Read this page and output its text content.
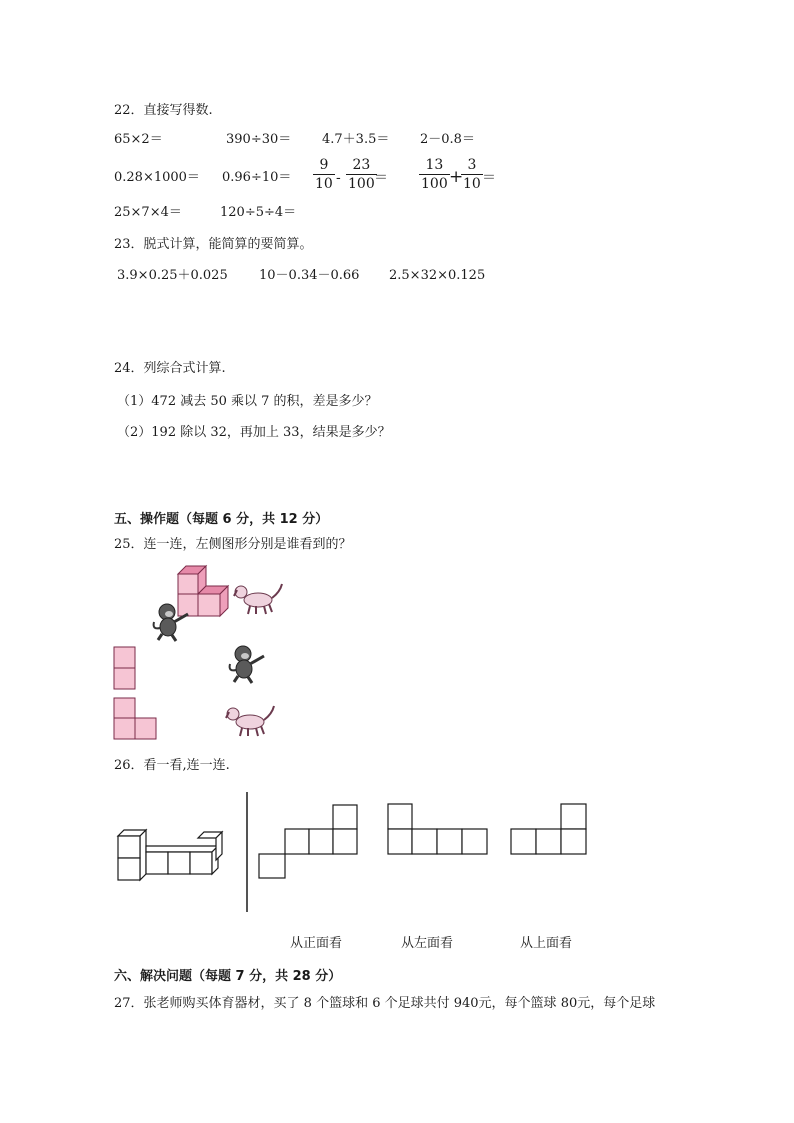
22．直接写得数.
65×2＝	390÷30＝ 4.7＋3.5＝ 2－0.8＝
0.28×1000＝ 0.96÷10＝
9
10 -
23
100 ＝
13
100 +
3
10 ＝
25×7×4＝	120÷5÷4＝
23．脱式计算，能简算的要简算。
3.9×0.25＋0.025 10－0.34－0.66 2.5×32×0.125
24．列综合式计算.
（1）472 减去 50 乘以 7 的积，差是多少？
（2）192 除以 32，再加上 33，结果是多少？
五、操作题（每题 6 分，共 12 分）
25．连一连，左侧图形分别是谁看到的？
26．看一看,连一连.
从正面看	从左面看	从上面看
六、解决问题（每题 7 分，共 28 分）
27．张老师购买体育器材，买了 8 个篮球和 6 个足球共付 940元，每个篮球 80元，每个足球
